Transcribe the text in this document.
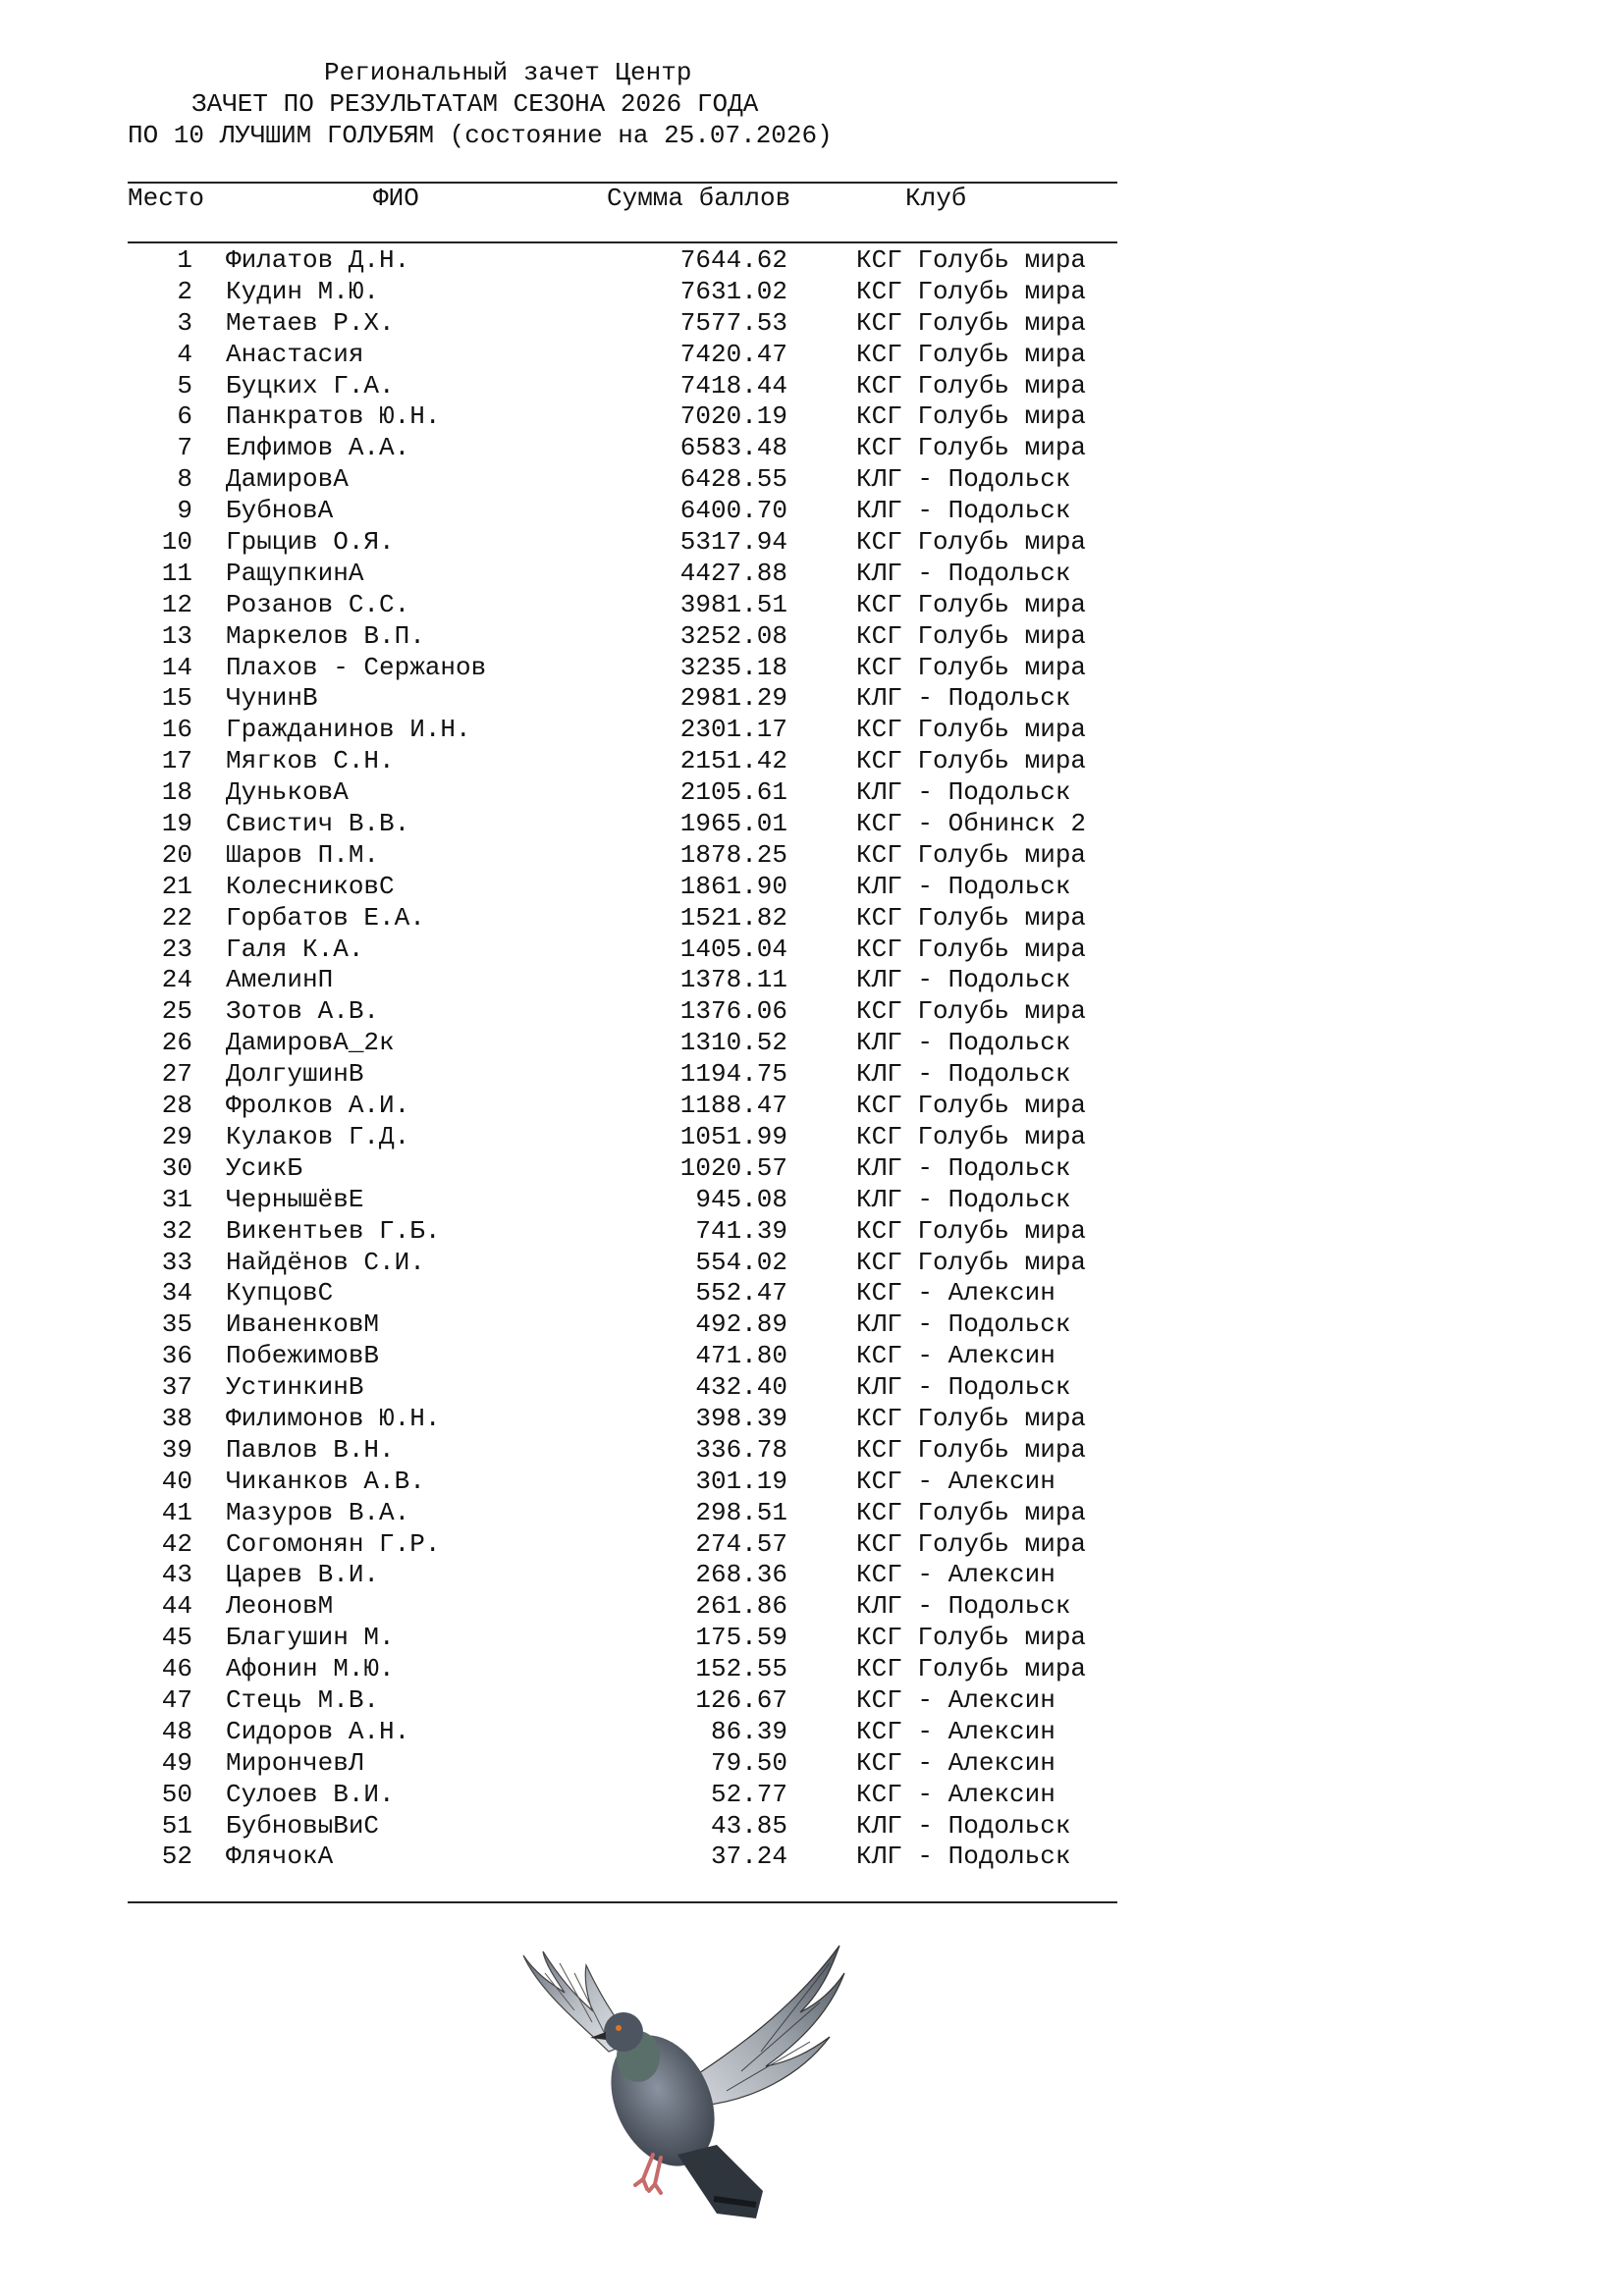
Региональный зачет Центр
ЗАЧЕТ ПО РЕЗУЛЬТАТАМ СЕЗОНА 2026 ГОДА
ПО 10 ЛУЧШИМ ГОЛУБЯМ (состояние на 25.07.2026)
Место	ФИО	Сумма баллов	Клуб
1 Филатов Д.Н.	7644.62	КСГ Голубь мира
2 Кудин М.Ю.	7631.02	КСГ Голубь мира
3 Метаев Р.Х.	7577.53	КСГ Голубь мира
4 Анастасия	7420.47	КСГ Голубь мира
5 Буцких Г.А.	7418.44	КСГ Голубь мира
6 Панкратов Ю.Н.	7020.19	КСГ Голубь мира
7 Елфимов А.А.	6583.48	КСГ Голубь мира
8 ДамировА	6428.55	КЛГ - Подольск
9 БубновА	6400.70	КЛГ - Подольск
10 Грыцив О.Я.	5317.94	КСГ Голубь мира
11 РащупкинА	4427.88	КЛГ - Подольск
12 Розанов С.С.	3981.51	КСГ Голубь мира
13 Маркелов В.П.	3252.08	КСГ Голубь мира
14 Плахов - Сержанов	3235.18	КСГ Голубь мира
15 ЧунинВ	2981.29	КЛГ - Подольск
16 Гражданинов И.Н.	2301.17	КСГ Голубь мира
17 Мягков С.Н.	2151.42	КСГ Голубь мира
18 ДуньковА	2105.61	КЛГ - Подольск
19 Свистич В.В.	1965.01	КСГ - Обнинск 2
20 Шаров П.М.	1878.25	КСГ Голубь мира
21 КолесниковС	1861.90	КЛГ - Подольск
22 Горбатов Е.А.	1521.82	КСГ Голубь мира
23 Галя К.А.	1405.04	КСГ Голубь мира
24 АмелинП	1378.11	КЛГ - Подольск
25 Зотов А.В.	1376.06	КСГ Голубь мира
26 ДамировА_2к	1310.52	КЛГ - Подольск
27 ДолгушинВ	1194.75	КЛГ - Подольск
28 Фролков А.И.	1188.47	КСГ Голубь мира
29 Кулаков Г.Д.	1051.99	КСГ Голубь мира
30 УсикБ	1020.57	КЛГ - Подольск
31 ЧернышёвЕ	945.08	КЛГ - Подольск
32 Викентьев Г.Б.	741.39	КСГ Голубь мира
33 Найдёнов С.И.	554.02	КСГ Голубь мира
34 КупцовС	552.47	КСГ - Алексин
35 ИваненковМ	492.89	КЛГ - Подольск
36 ПобежимовВ	471.80	КСГ - Алексин
37 УстинкинВ	432.40	КЛГ - Подольск
38 Филимонов Ю.Н.	398.39	КСГ Голубь мира
39 Павлов В.Н.	336.78	КСГ Голубь мира
40 Чиканков А.В.	301.19	КСГ - Алексин
41 Мазуров В.А.	298.51	КСГ Голубь мира
42 Согомонян Г.Р.	274.57	КСГ Голубь мира
43 Царев В.И.	268.36	КСГ - Алексин
44 ЛеоновМ	261.86	КЛГ - Подольск
45 Благушин М.	175.59	КСГ Голубь мира
46 Афонин М.Ю.	152.55	КСГ Голубь мира
47 Стець М.В.	126.67	КСГ - Алексин
48 Сидоров А.Н.	86.39	КСГ - Алексин
49 МирончевЛ	79.50	КСГ - Алексин
50 Сулоев В.И.	52.77	КСГ - Алексин
51 БубновыВиС	43.85	КЛГ - Подольск
52 ФлячокА	37.24	КЛГ - Подольск
